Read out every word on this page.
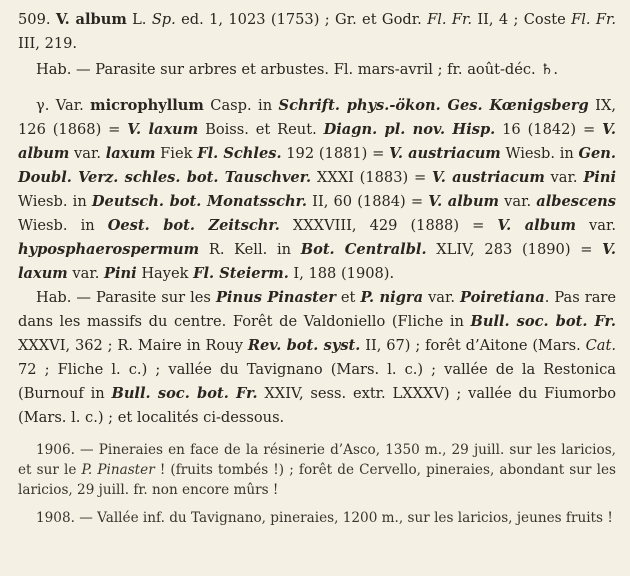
509. V. album L. Sp. ed. 1, 1023 (1753) ; Gr. et Godr. Fl. Fr. II, 4 ; Coste Fl. Fr. III, 219.

Hab. — Parasite sur arbres et arbustes. Fl. mars-avril ; fr. août-déc. ♄.

γ. Var. microphyllum Casp. in Schrift. phys.-ökon. Ges. Kœnigsberg IX, 126 (1868) = V. laxum Boiss. et Reut. Diagn. pl. nov. Hisp. 16 (1842) = V. album var. laxum Fiek Fl. Schles. 192 (1881) = V. austriacum Wiesb. in Gen. Doubl. Verz. schles. bot. Tauschver. XXXI (1883) = V. austriacum var. Pini Wiesb. in Deutsch. bot. Monatsschr. II, 60 (1884) = V. album var. albescens Wiesb. in Oest. bot. Zeitschr. XXXVIII, 429 (1888) = V. album var. hyposphaerospermum R. Kell. in Bot. Centralbl. XLIV, 283 (1890) = V. laxum var. Pini Hayek Fl. Steierm. I, 188 (1908).

Hab. — Parasite sur les Pinus Pinaster et P. nigra var. Poiretiana. Pas rare dans les massifs du centre. Forêt de Valdoniello (Fliche in Bull. soc. bot. Fr. XXXVI, 362 ; R. Maire in Rouy Rev. bot. syst. II, 67) ; forêt d’Aitone (Mars. Cat. 72 ; Fliche l. c.) ; vallée du Tavignano (Mars. l. c.) ; vallée de la Restonica (Burnouf in Bull. soc. bot. Fr. XXIV, sess. extr. LXXXV) ; vallée du Fiumorbo (Mars. l. c.) ; et localités ci-dessous.

1906. — Pineraies en face de la résinerie d’Asco, 1350 m., 29 juill. sur les laricios, et sur le P. Pinaster ! (fruits tombés !) ; forêt de Cervello, pineraies, abondant sur les laricios, 29 juill. fr. non encore mûrs !

1908. — Vallée inf. du Tavignano, pineraies, 1200 m., sur les laricios, jeunes fruits !
